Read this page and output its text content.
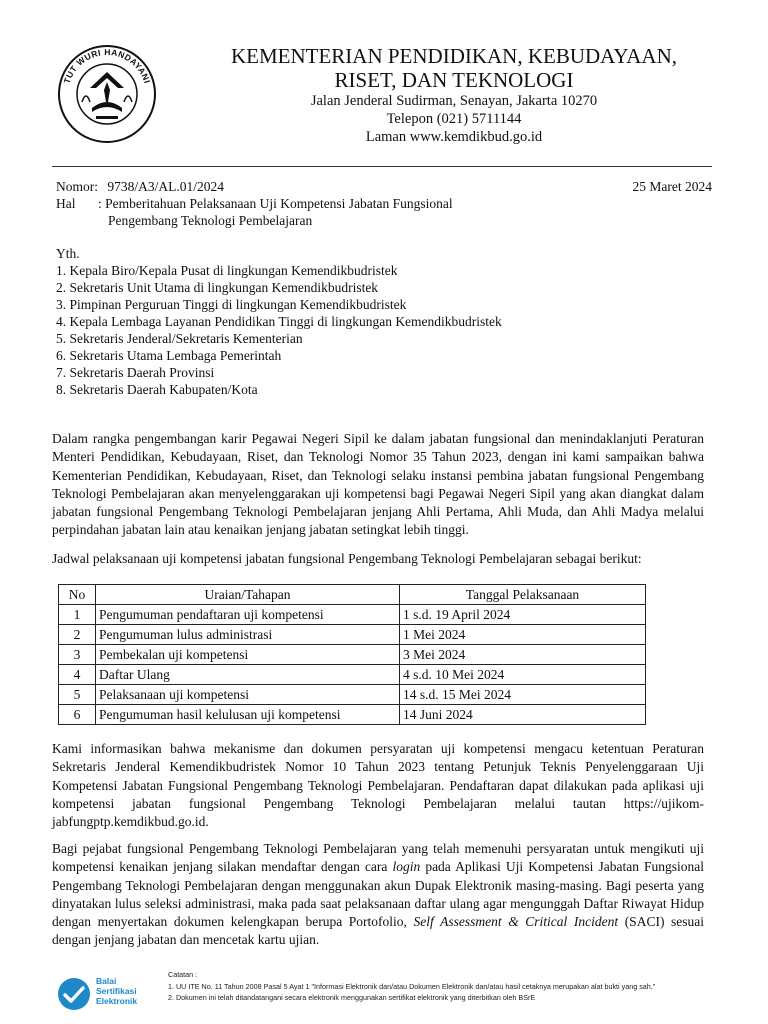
TUT WURI HANDAYANI
KEMENTERIAN PENDIDIKAN, KEBUDAYAAN,
RISET, DAN TEKNOLOGI
Jalan Jenderal Sudirman, Senayan, Jakarta 10270
Telepon (021) 5711144
Laman www.kemdikbud.go.id
Nomor: 9738/A3/AL.01/2024	25 Maret 2024
Hal : Pemberitahuan Pelaksanaan Uji Kompetensi Jabatan Fungsional
Pengembang Teknologi Pembelajaran
Yth.
1. Kepala Biro/Kepala Pusat di lingkungan Kemendikbudristek
2. Sekretaris Unit Utama di lingkungan Kemendikbudristek
3. Pimpinan Perguruan Tinggi di lingkungan Kemendikbudristek
4. Kepala Lembaga Layanan Pendidikan Tinggi di lingkungan Kemendikbudristek
5. Sekretaris Jenderal/Sekretaris Kementerian
6. Sekretaris Utama Lembaga Pemerintah
7. Sekretaris Daerah Provinsi
8. Sekretaris Daerah Kabupaten/Kota
Dalam rangka pengembangan karir Pegawai Negeri Sipil ke dalam jabatan fungsional dan menindaklanjuti Peraturan Menteri Pendidikan, Kebudayaan, Riset, dan Teknologi Nomor 35 Tahun 2023, dengan ini kami sampaikan bahwa Kementerian Pendidikan, Kebudayaan, Riset, dan Teknologi selaku instansi pembina jabatan fungsional Pengembang Teknologi Pembelajaran akan menyelenggarakan uji kompetensi bagi Pegawai Negeri Sipil yang akan diangkat dalam jabatan fungsional Pengembang Teknologi Pembelajaran jenjang Ahli Pertama, Ahli Muda, dan Ahli Madya melalui perpindahan jabatan lain atau kenaikan jenjang jabatan setingkat lebih tinggi.
Jadwal pelaksanaan uji kompetensi jabatan fungsional Pengembang Teknologi Pembelajaran sebagai berikut:
No	Uraian/Tahapan	Tanggal Pelaksanaan
1	Pengumuman pendaftaran uji kompetensi	1 s.d. 19 April 2024
2	Pengumuman lulus administrasi	1 Mei 2024
3	Pembekalan uji kompetensi	3 Mei 2024
4	Daftar Ulang	4 s.d. 10 Mei 2024
5	Pelaksanaan uji kompetensi	14 s.d. 15 Mei 2024
6	Pengumuman hasil kelulusan uji kompetensi	14 Juni 2024
Kami informasikan bahwa mekanisme dan dokumen persyaratan uji kompetensi mengacu ketentuan Peraturan Sekretaris Jenderal Kemendikbudristek Nomor 10 Tahun 2023 tentang Petunjuk Teknis Penyelenggaraan Uji Kompetensi Jabatan Fungsional Pengembang Teknologi Pembelajaran. Pendaftaran dapat dilakukan pada aplikasi uji kompetensi jabatan fungsional Pengembang Teknologi Pembelajaran melalui tautan https://ujikom-jabfungptp.kemdikbud.go.id.
Bagi pejabat fungsional Pengembang Teknologi Pembelajaran yang telah memenuhi persyaratan untuk mengikuti uji kompetensi kenaikan jenjang silakan mendaftar dengan cara login pada Aplikasi Uji Kompetensi Jabatan Fungsional Pengembang Teknologi Pembelajaran dengan menggunakan akun Dupak Elektronik masing-masing. Bagi peserta yang dinyatakan lulus seleksi administrasi, maka pada saat pelaksanaan daftar ulang agar mengunggah Daftar Riwayat Hidup dengan menyertakan dokumen kelengkapan berupa Portofolio, Self Assessment & Critical Incident (SACI) sesuai dengan jenjang jabatan dan mencetak kartu ujian.
Balai
Sertifikasi
Elektronik
Catatan :
1. UU ITE No. 11 Tahun 2008 Pasal 5 Ayat 1 "Informasi Elektronik dan/atau Dokumen Elektronik dan/atau hasil cetaknya merupakan alat bukti yang sah."
2. Dokumen ini telah ditandatangani secara elektronik menggunakan sertifikat elektronik yang diterbitkan oleh BSrE
